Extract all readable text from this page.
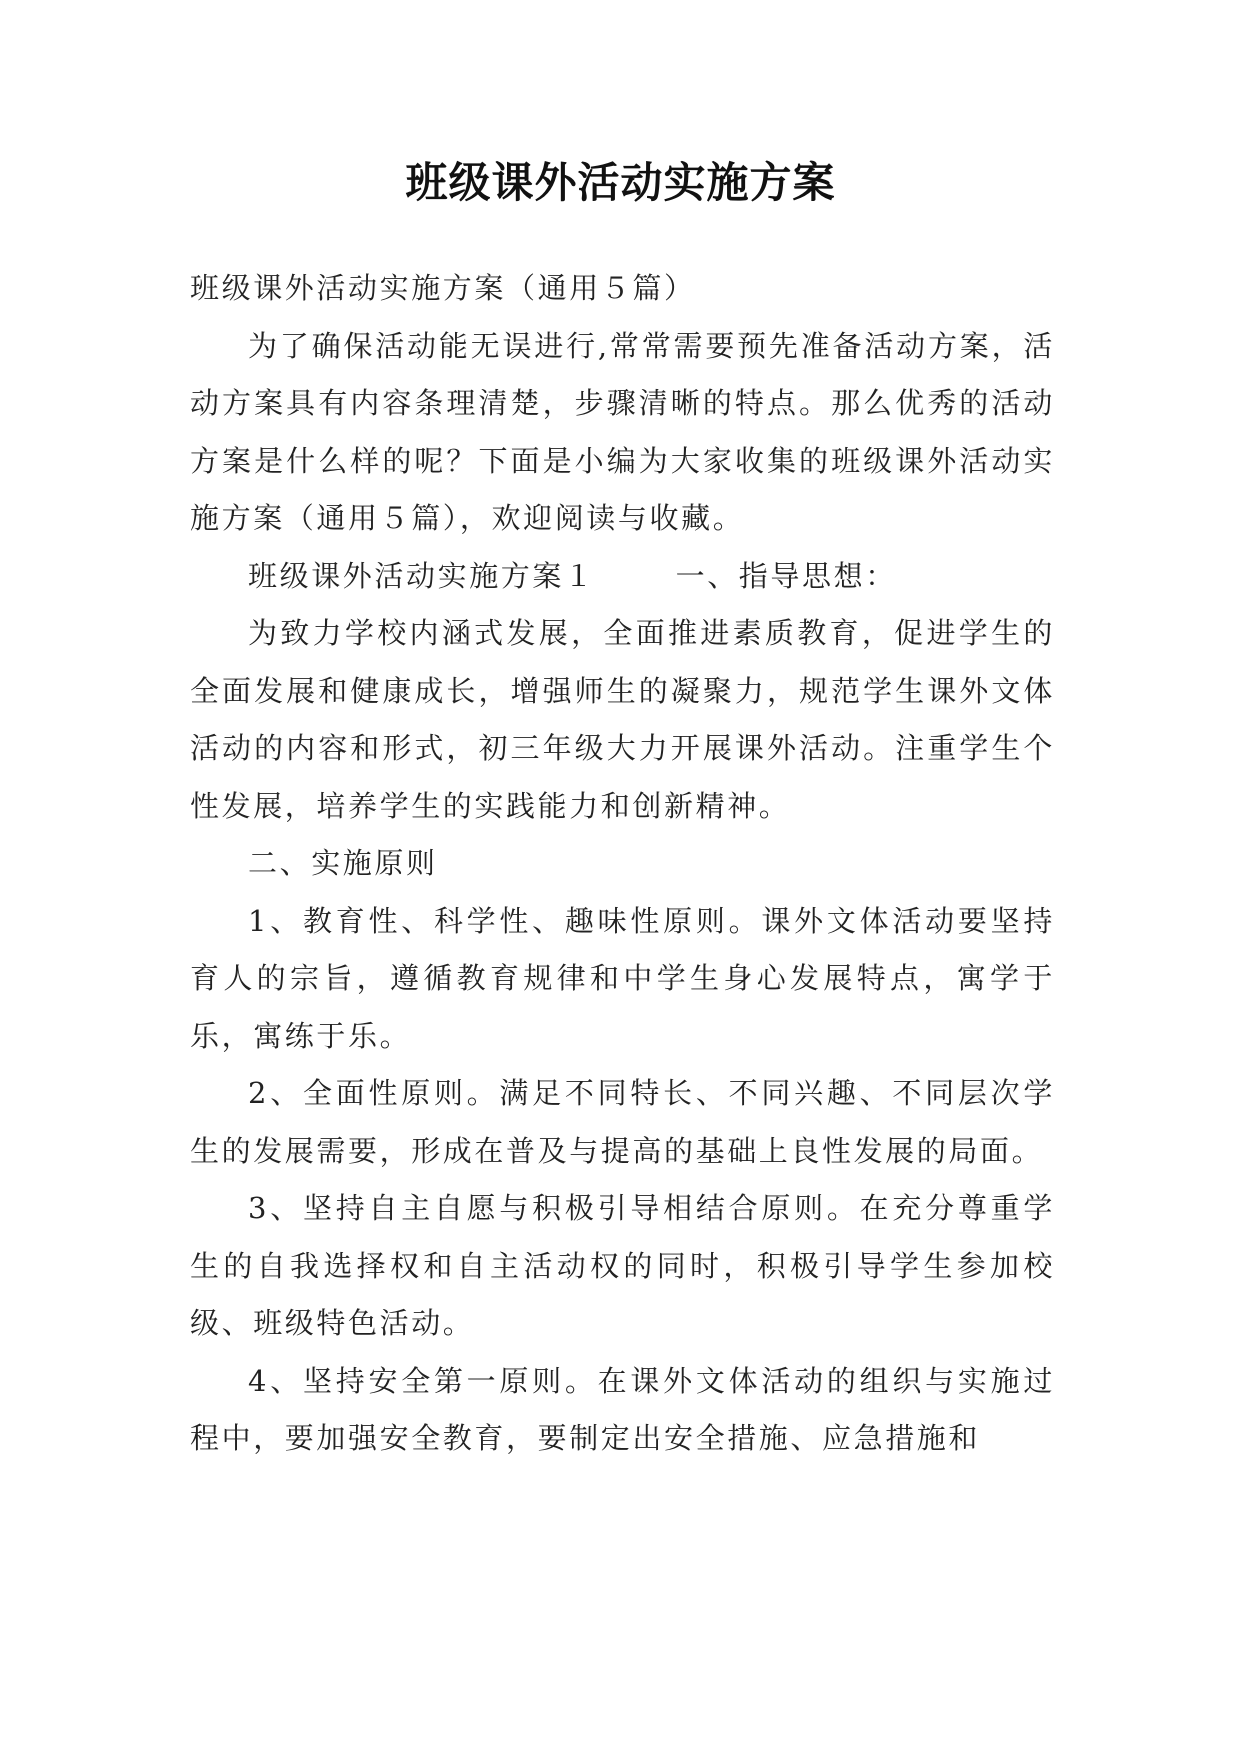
班级课外活动实施方案

班级课外活动实施方案（通用５篇）

为了确保活动能无误进行,常常需要预先准备活动方案，活动方案具有内容条理清楚，步骤清晰的特点。那么优秀的活动方案是什么样的呢？下面是小编为大家收集的班级课外活动实施方案（通用５篇），欢迎阅读与收藏。

班级课外活动实施方案１	一、指导思想：

为致力学校内涵式发展，全面推进素质教育，促进学生的全面发展和健康成长，增强师生的凝聚力，规范学生课外文体活动的内容和形式，初三年级大力开展课外活动。注重学生个性发展，培养学生的实践能力和创新精神。

二、实施原则

1、教育性、科学性、趣味性原则。课外文体活动要坚持育人的宗旨，遵循教育规律和中学生身心发展特点，寓学于乐，寓练于乐。

2、全面性原则。满足不同特长、不同兴趣、不同层次学生的发展需要，形成在普及与提高的基础上良性发展的局面。

3、坚持自主自愿与积极引导相结合原则。在充分尊重学生的自我选择权和自主活动权的同时，积极引导学生参加校级、班级特色活动。

4、坚持安全第一原则。在课外文体活动的组织与实施过程中，要加强安全教育，要制定出安全措施、应急措施和
